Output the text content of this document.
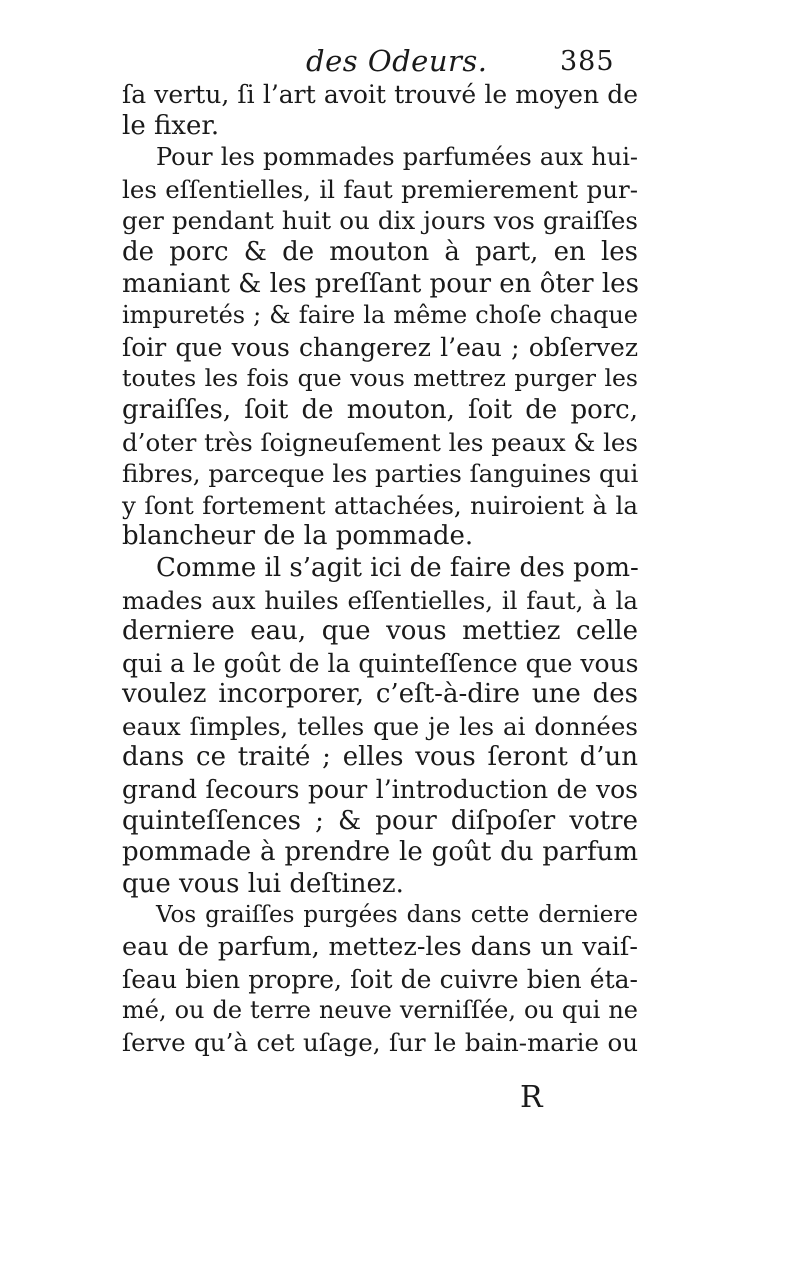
des Odeurs.	385
ſa vertu, ſi l’art avoit trouvé le moyen de
le fixer.
Pour les pommades parfumées aux hui-
les eſſentielles, il faut premierement pur-
ger pendant huit ou dix jours vos graiſſes
de porc & de mouton à part, en les
maniant & les preſſant pour en ôter les
impuretés ; & faire la même choſe chaque
ſoir que vous changerez l’eau ; obſervez
toutes les fois que vous mettrez purger les
graiſſes, ſoit de mouton, ſoit de porc,
d’oter très ſoigneuſement les peaux & les
fibres, parceque les parties ſanguines qui
y ſont fortement attachées, nuiroient à la
blancheur de la pommade.
Comme il s’agit ici de faire des pom-
mades aux huiles eſſentielles, il faut, à la
derniere eau, que vous mettiez celle
qui a le goût de la quinteſſence que vous
voulez incorporer, c’eſt-à-dire une des
eaux ſimples, telles que je les ai données
dans ce traité ; elles vous ſeront d’un
grand ſecours pour l’introduction de vos
quinteſſences ; & pour diſpoſer votre
pommade à prendre le goût du parfum
que vous lui deſtinez.
Vos graiſſes purgées dans cette derniere
eau de parfum, mettez-les dans un vaiſ-
ſeau bien propre, ſoit de cuivre bien éta-
mé, ou de terre neuve verniſſée, ou qui ne
ſerve qu’à cet uſage, ſur le bain-marie ou
R
